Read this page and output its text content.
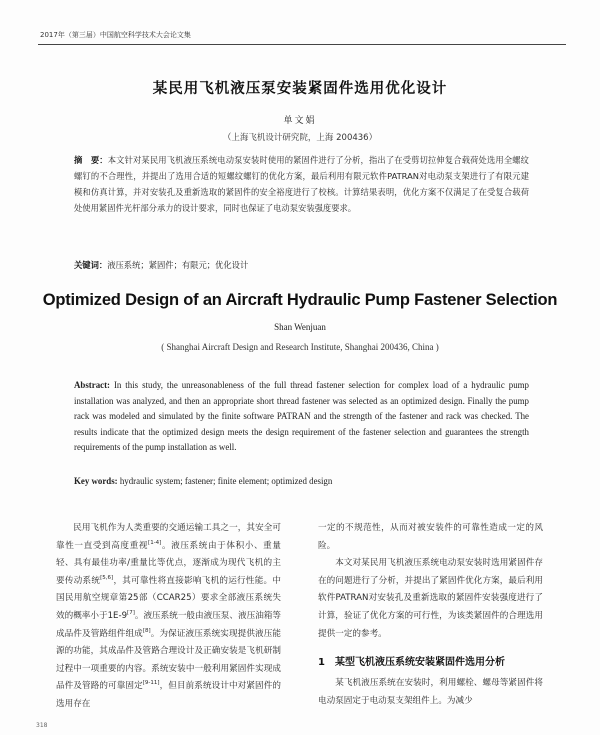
2017年（第三届）中国航空科学技术大会论文集
某民用飞机液压泵安装紧固件选用优化设计
单文娟
（上海飞机设计研究院，上海 200436）
摘　要：本文针对某民用飞机液压系统电动泵安装时使用的紧固件进行了分析，指出了在受剪切拉伸复合载荷处选用全螺纹螺钉的不合理性，并提出了选用合适的短螺纹螺钉的优化方案，最后利用有限元软件PATRAN对电动泵支架进行了有限元建模和仿真计算，并对安装孔及重新选取的紧固件的安全裕度进行了校核。计算结果表明，优化方案不仅满足了在受复合载荷处使用紧固件光杆部分承力的设计要求，同时也保证了电动泵安装强度要求。
关键词：液压系统；紧固件；有限元；优化设计
Optimized Design of an Aircraft Hydraulic Pump Fastener Selection
Shan Wenjuan
( Shanghai Aircraft Design and Research Institute, Shanghai 200436, China )
Abstract: In this study, the unreasonableness of the full thread fastener selection for complex load of a hydraulic pump installation was analyzed, and then an appropriate short thread fastener was selected as an optimized design. Finally the pump rack was modeled and simulated by the finite software PATRAN and the strength of the fastener and rack was checked. The results indicate that the optimized design meets the design requirement of the fastener selection and guarantees the strength requirements of the pump installation as well.
Key words: hydraulic system; fastener; finite element; optimized design

民用飞机作为人类重要的交通运输工具之一，其安全可靠性一直受到高度重视[1-4]。液压系统由于体积小、重量轻、具有最佳功率/重量比等优点，逐渐成为现代飞机的主要传动系统[5,6]，其可靠性将直接影响飞机的运行性能。中国民用航空规章第25部（CCAR25）要求全部液压系统失效的概率小于1E-9[7]。液压系统一般由液压泵、液压油箱等成品件及管路组件组成[8]。为保证液压系统实现提供液压能源的功能，其成品件及管路合理设计及正确安装是飞机研制过程中一项重要的内容。系统安装中一般利用紧固件实现成品件及管路的可靠固定[9-11]，但目前系统设计中对紧固件的选用存在

一定的不规范性，从而对被安装件的可靠性造成一定的风险。

本文对某民用飞机液压系统电动泵安装时选用紧固件存在的问题进行了分析，并提出了紧固件优化方案，最后利用软件PATRAN对安装孔及重新选取的紧固件安装强度进行了计算，验证了优化方案的可行性，为该类紧固件的合理选用提供一定的参考。

1　某型飞机液压系统安装紧固件选用分析

某飞机液压系统在安装时，利用螺栓、螺母等紧固件将电动泵固定于电动泵支架组件上。为减少

318
